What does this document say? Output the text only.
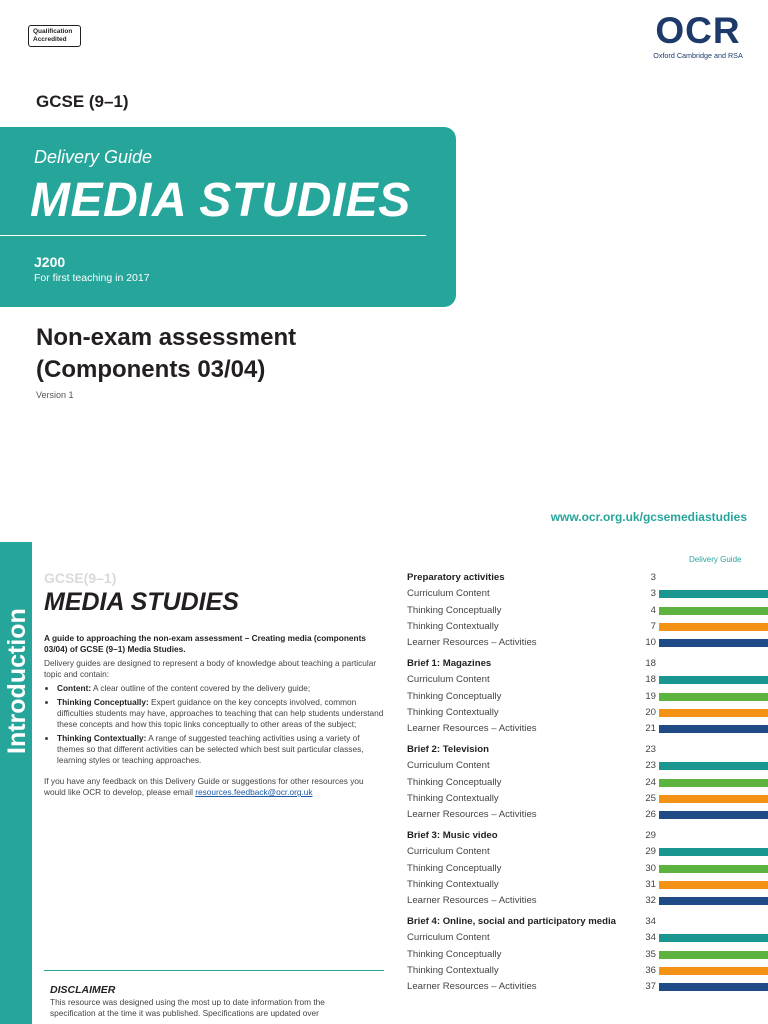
Qualification
Accredited	OCR
Oxford Cambridge and RSA
GCSE (9–1)
Delivery Guide
MEDIA STUDIES
J200
For first teaching in 2017
Non-exam assessment
(Components 03/04)
Version 1
www.ocr.org.uk/gcsemediastudies
Introduction
GCSE(9–1)
MEDIA STUDIES
A guide to approaching the non-exam assessment – Creating media (components 03/04) of GCSE (9–1) Media Studies.
Delivery guides are designed to represent a body of knowledge about teaching a particular topic and contain:
• Content: A clear outline of the content covered by the delivery guide;
• Thinking Conceptually: Expert guidance on the key concepts involved, common difficulties students may have, approaches to teaching that can help students understand these concepts and how this topic links conceptually to other areas of the subject;
• Thinking Contextually: A range of suggested teaching activities using a variety of themes so that different activities can be selected which best suit particular classes, learning styles or teaching approaches.
If you have any feedback on this Delivery Guide or suggestions for other resources you would like OCR to develop, please email resources.feedback@ocr.org.uk
DISCLAIMER
This resource was designed using the most up to date information from the specification at the time it was published. Specifications are updated over
Delivery Guide
Preparatory activities	3
Curriculum Content	3
Thinking Conceptually	4
Thinking Contextually	7
Learner Resources – Activities	10
Brief 1: Magazines	18
Curriculum Content	18
Thinking Conceptually	19
Thinking Contextually	20
Learner Resources – Activities	21
Brief 2: Television	23
Curriculum Content	23
Thinking Conceptually	24
Thinking Contextually	25
Learner Resources – Activities	26
Brief 3: Music video	29
Curriculum Content	29
Thinking Conceptually	30
Thinking Contextually	31
Learner Resources – Activities	32
Brief 4: Online, social and participatory media	34
Curriculum Content	34
Thinking Conceptually	35
Thinking Contextually	36
Learner Resources – Activities	37
